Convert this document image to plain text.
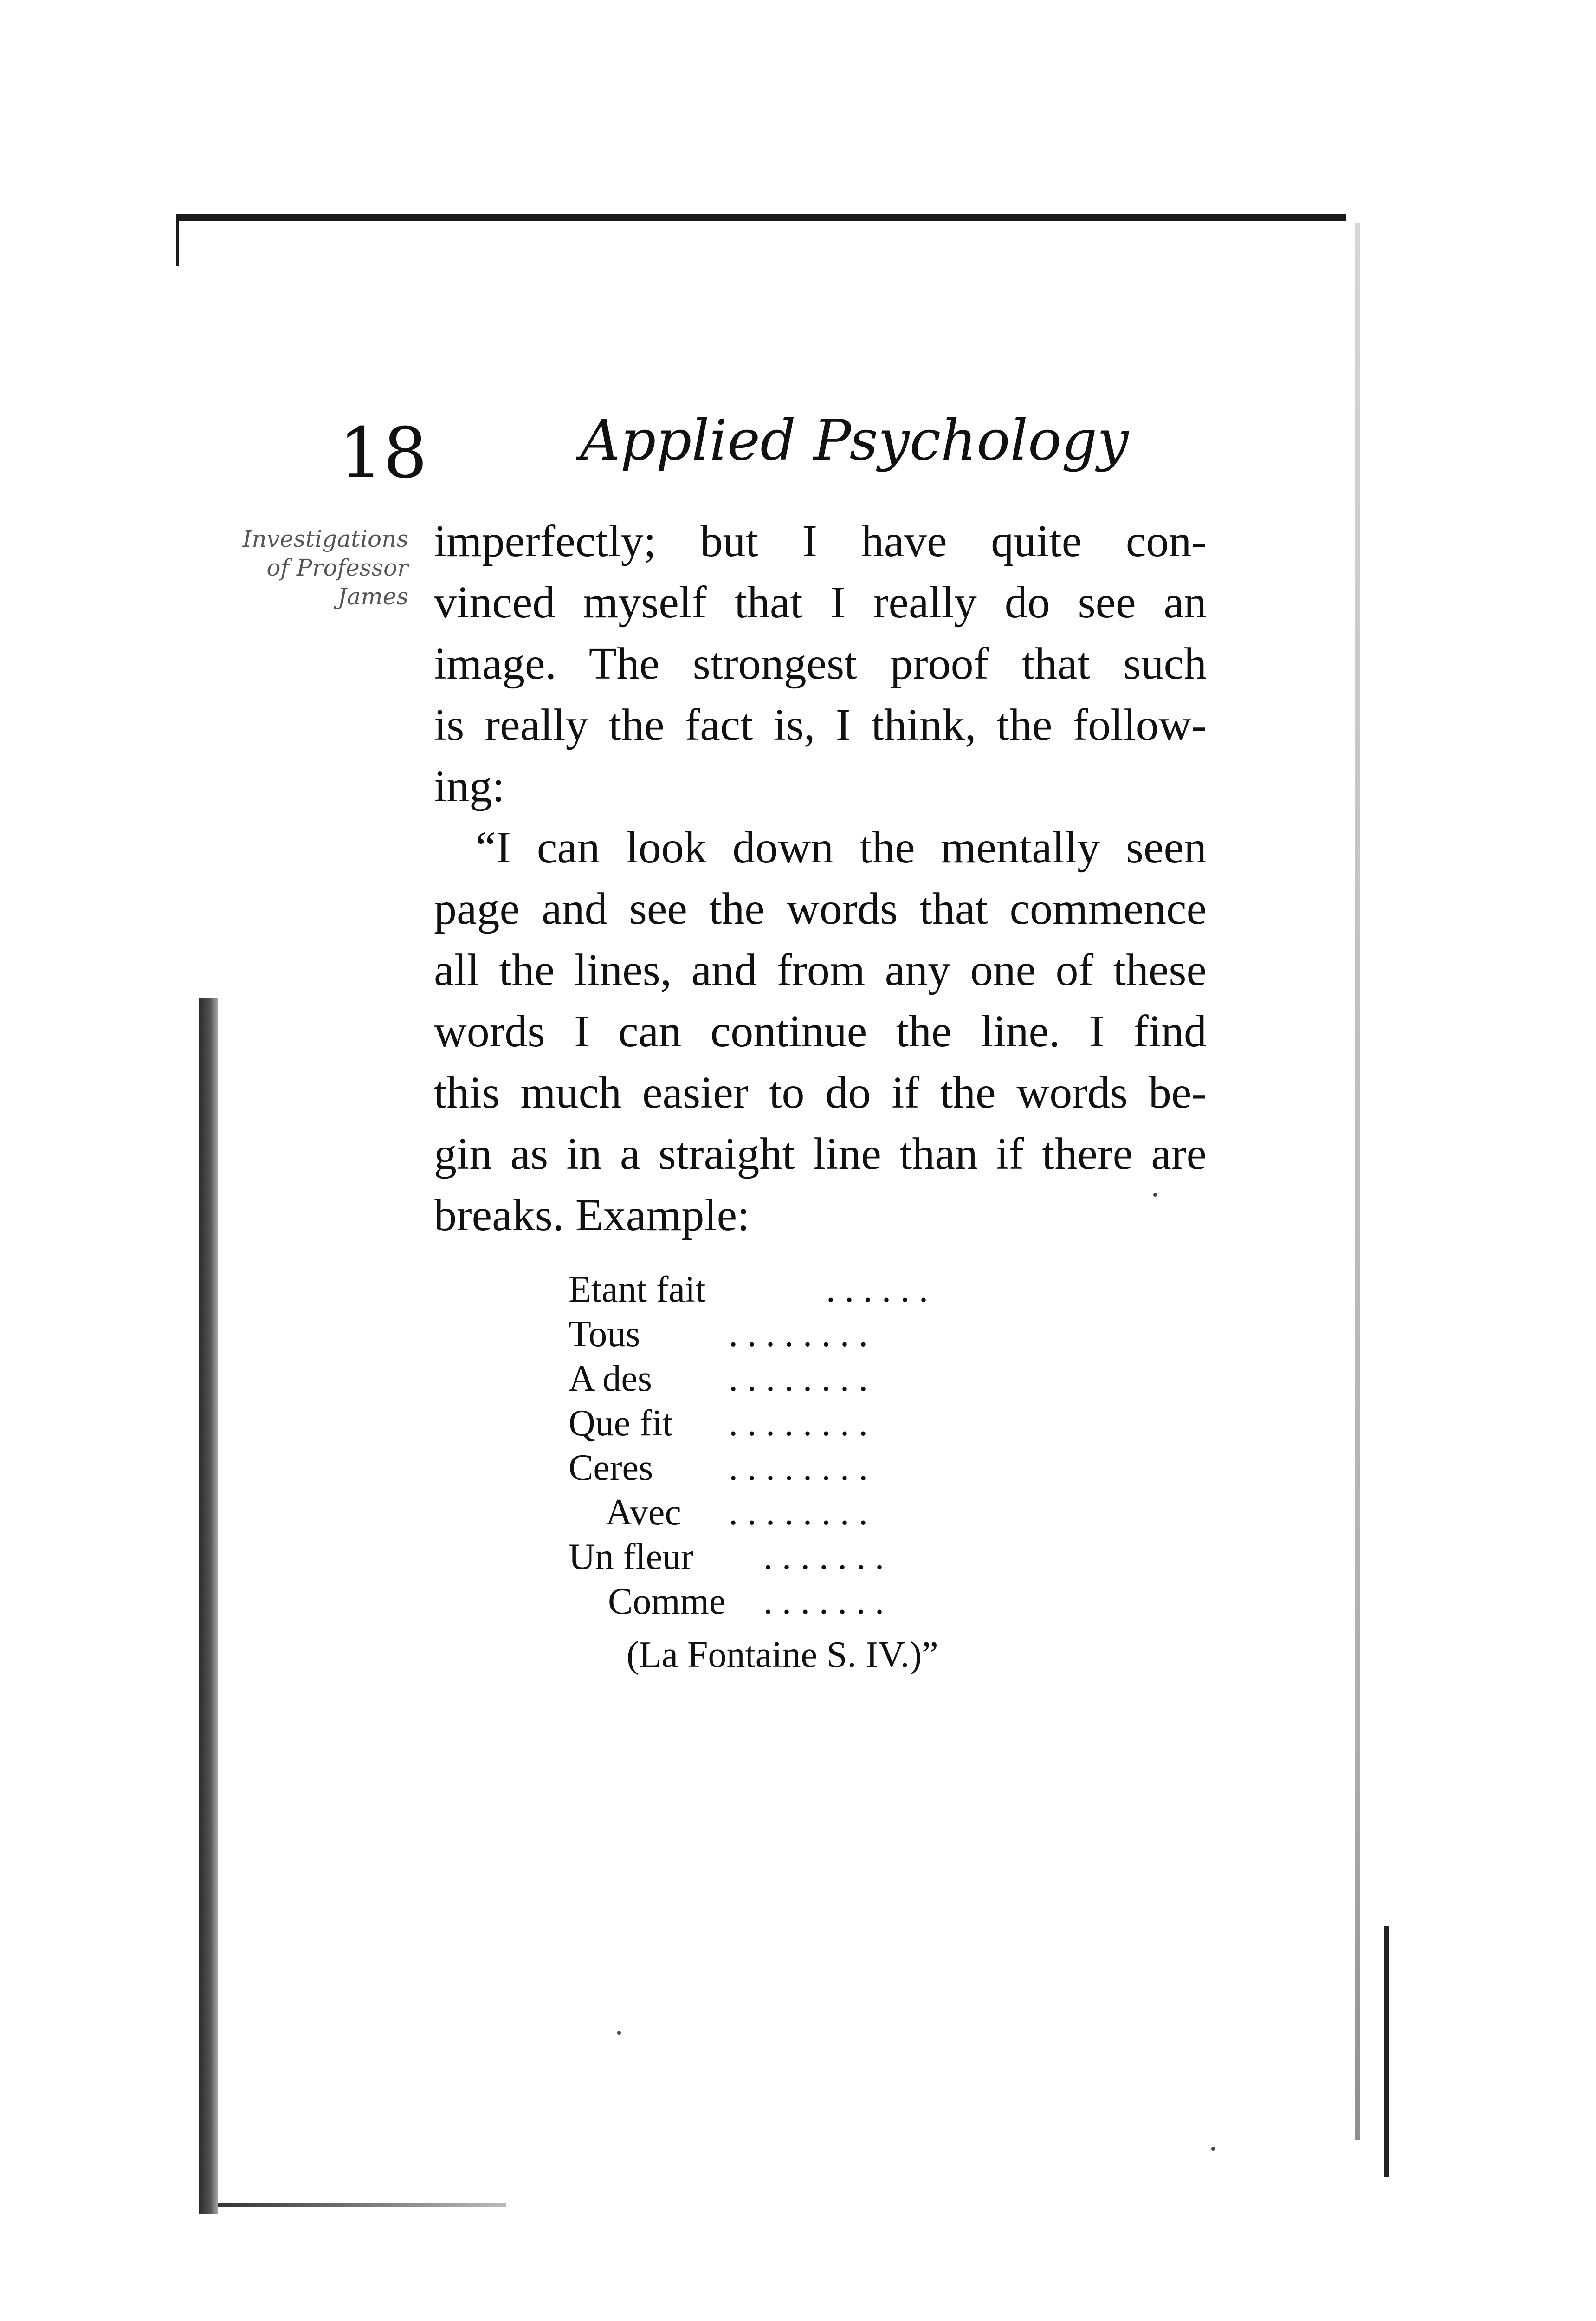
18	Applied Psychology
Investigations
of Professor
James
imperfectly; but I have quite con-
vinced myself that I really do see an
image. The strongest proof that such
is really the fact is, I think, the follow-
ing:
“I can look down the mentally seen
page and see the words that commence
all the lines, and from any one of these
words I can continue the line. I find
this much easier to do if the words be-
gin as in a straight line than if there are
breaks. Example:
Etant fait	. . . . . .
Tous . . . . . . . .
A des . . . . . . . .
Que fit . . . . . . . .
Ceres . . . . . . . .
Avec . . . . . . . .
Un fleur . . . . . . .
Comme . . . . . . .
(La Fontaine S. IV.)”
